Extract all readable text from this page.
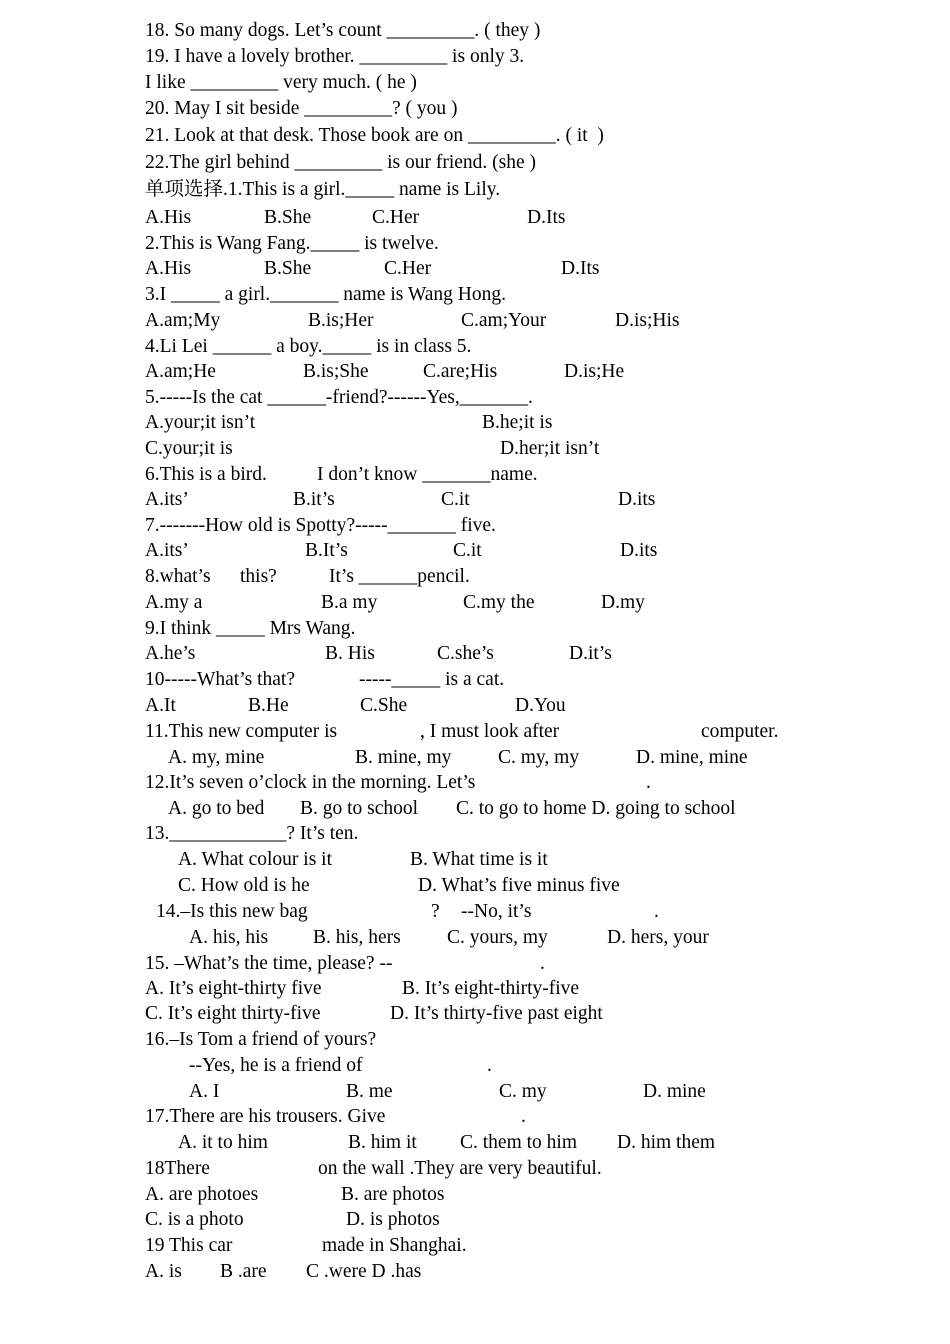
18. So many dogs. Let’s count _________. ( they )
19. I have a lovely brother. _________ is only 3.
I like _________ very much. ( he )
20. May I sit beside _________? ( you )
21. Look at that desk. Those book are on _________. ( it  )
22.The girl behind _________ is our friend. (she )
单项选择.1.This is a girl._____ name is Lily.
A.His	B.She	C.Her	D.Its
2.This is Wang Fang._____ is twelve.
A.His	B.She	C.Her	D.Its
3.I _____ a girl._______ name is Wang Hong.
A.am;My	B.is;Her	C.am;Your	D.is;His
4.Li Lei ______ a boy._____ is in class 5.
A.am;He	B.is;She	C.are;His	D.is;He
5.-----Is the cat ______-friend?------Yes,_______.
A.your;it isn’t	B.he;it is
C.your;it is	D.her;it isn’t
6.This is a bird.	I don’t know _______name.
A.its’	B.it’s	C.it	D.its
7.-------How old is Spotty?-----_______ five.
A.its’	B.It’s	C.it	D.its
8.what’s this?	It’s ______pencil.
A.my a	B.a my	C.my the	D.my
9.I think _____ Mrs Wang.
A.he’s	B. His	C.she’s	D.it’s
10-----What’s that?	-----_____ is a cat.
A.It	B.He	C.She	D.You
11.This new computer is	, I must look after	computer.
A. my, mine	B. mine, my C. my, my	D. mine, mine
12.It’s seven o’clock in the morning. Let’s	.
A. go to bed B. go to school C. to go to home D. going to school
13.____________? It’s ten.
A. What colour is it	B. What time is it
C. How old is he	D. What’s five minus five
14.–Is this new bag	? --No, it’s	.
A. his, his B. his, hers C. yours, my	D. hers, your
15. –What’s the time, please? --	.
A. It’s eight-thirty five	B. It’s eight-thirty-five
C. It’s eight thirty-five	D. It’s thirty-five past eight
16.–Is Tom a friend of yours?
--Yes, he is a friend of	.
A. I	B. me	C. my	D. mine
17.There are his trousers. Give	.
A. it to him	B. him it C. them to him D. him them
18There	on the wall .They are very beautiful.
A. are photoes	B. are photos
C. is a photo	D. is photos
19 This car	made in Shanghai.
A. is B .are C .were D .has
